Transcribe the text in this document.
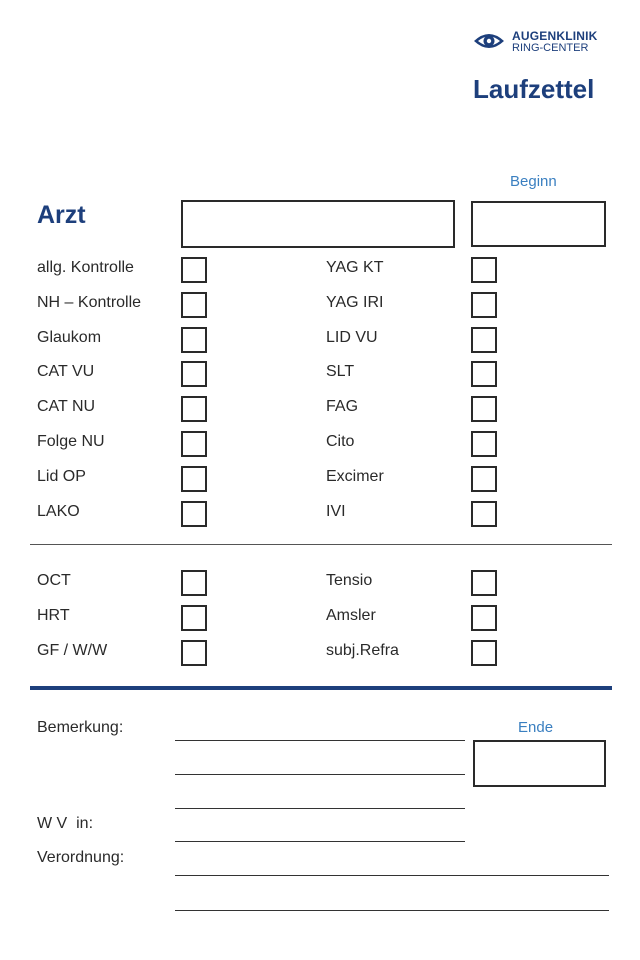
AUGENKLINIK
RING-CENTER
Laufzettel
Beginn
Arzt
allg. Kontrolle
NH – Kontrolle
Glaukom
CAT VU
CAT NU
Folge NU
Lid OP
LAKO
YAG KT
YAG IRI
LID VU
SLT
FAG
Cito
Excimer
IVI
OCT
HRT
GF / W/W
Tensio
Amsler
subj.Refra
Bemerkung:	Ende
W V  in:
Verordnung:
